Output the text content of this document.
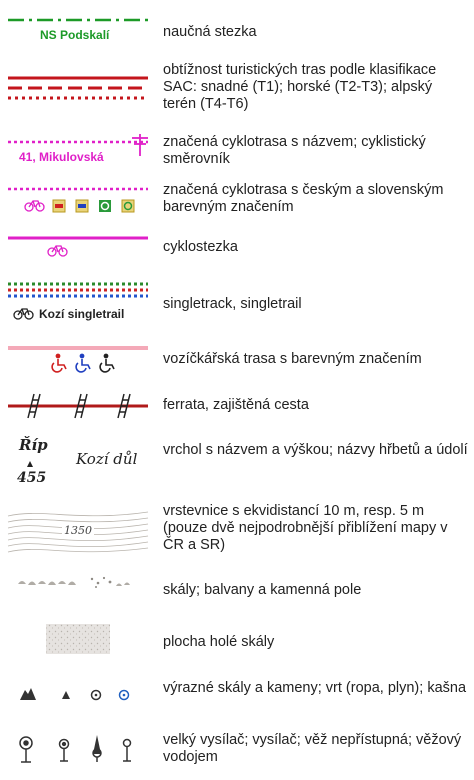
NS Podskalí	naučná stezka
obtížnost turistických tras podle klasifikace SAC: snadné (T1); horské (T2-T3); alpský terén (T4-T6)
41, Mikulovská
značená cyklotrasa s názvem; cyklistický směrovník
značená cyklotrasa s českým a slovenským barevným značením
cyklostezka
Kozí singletrail
singletrack, singletrail
vozíčkářská trasa s barevným značením
ferrata, zajištěná cesta
Říp
455
Kozí důl vrchol s názvem a výškou; názvy hřbetů a údolí
1350
vrstevnice s ekvidistancí 10 m, resp. 5 m (pouze dvě nejpodrobnější přiblížení mapy v ČR a SR)
skály; balvany a kamenná pole
plocha holé skály
výrazné skály a kameny; vrt (ropa, plyn); kašna
velký vysílač; vysílač; věž nepřístupná; věžový vodojem
